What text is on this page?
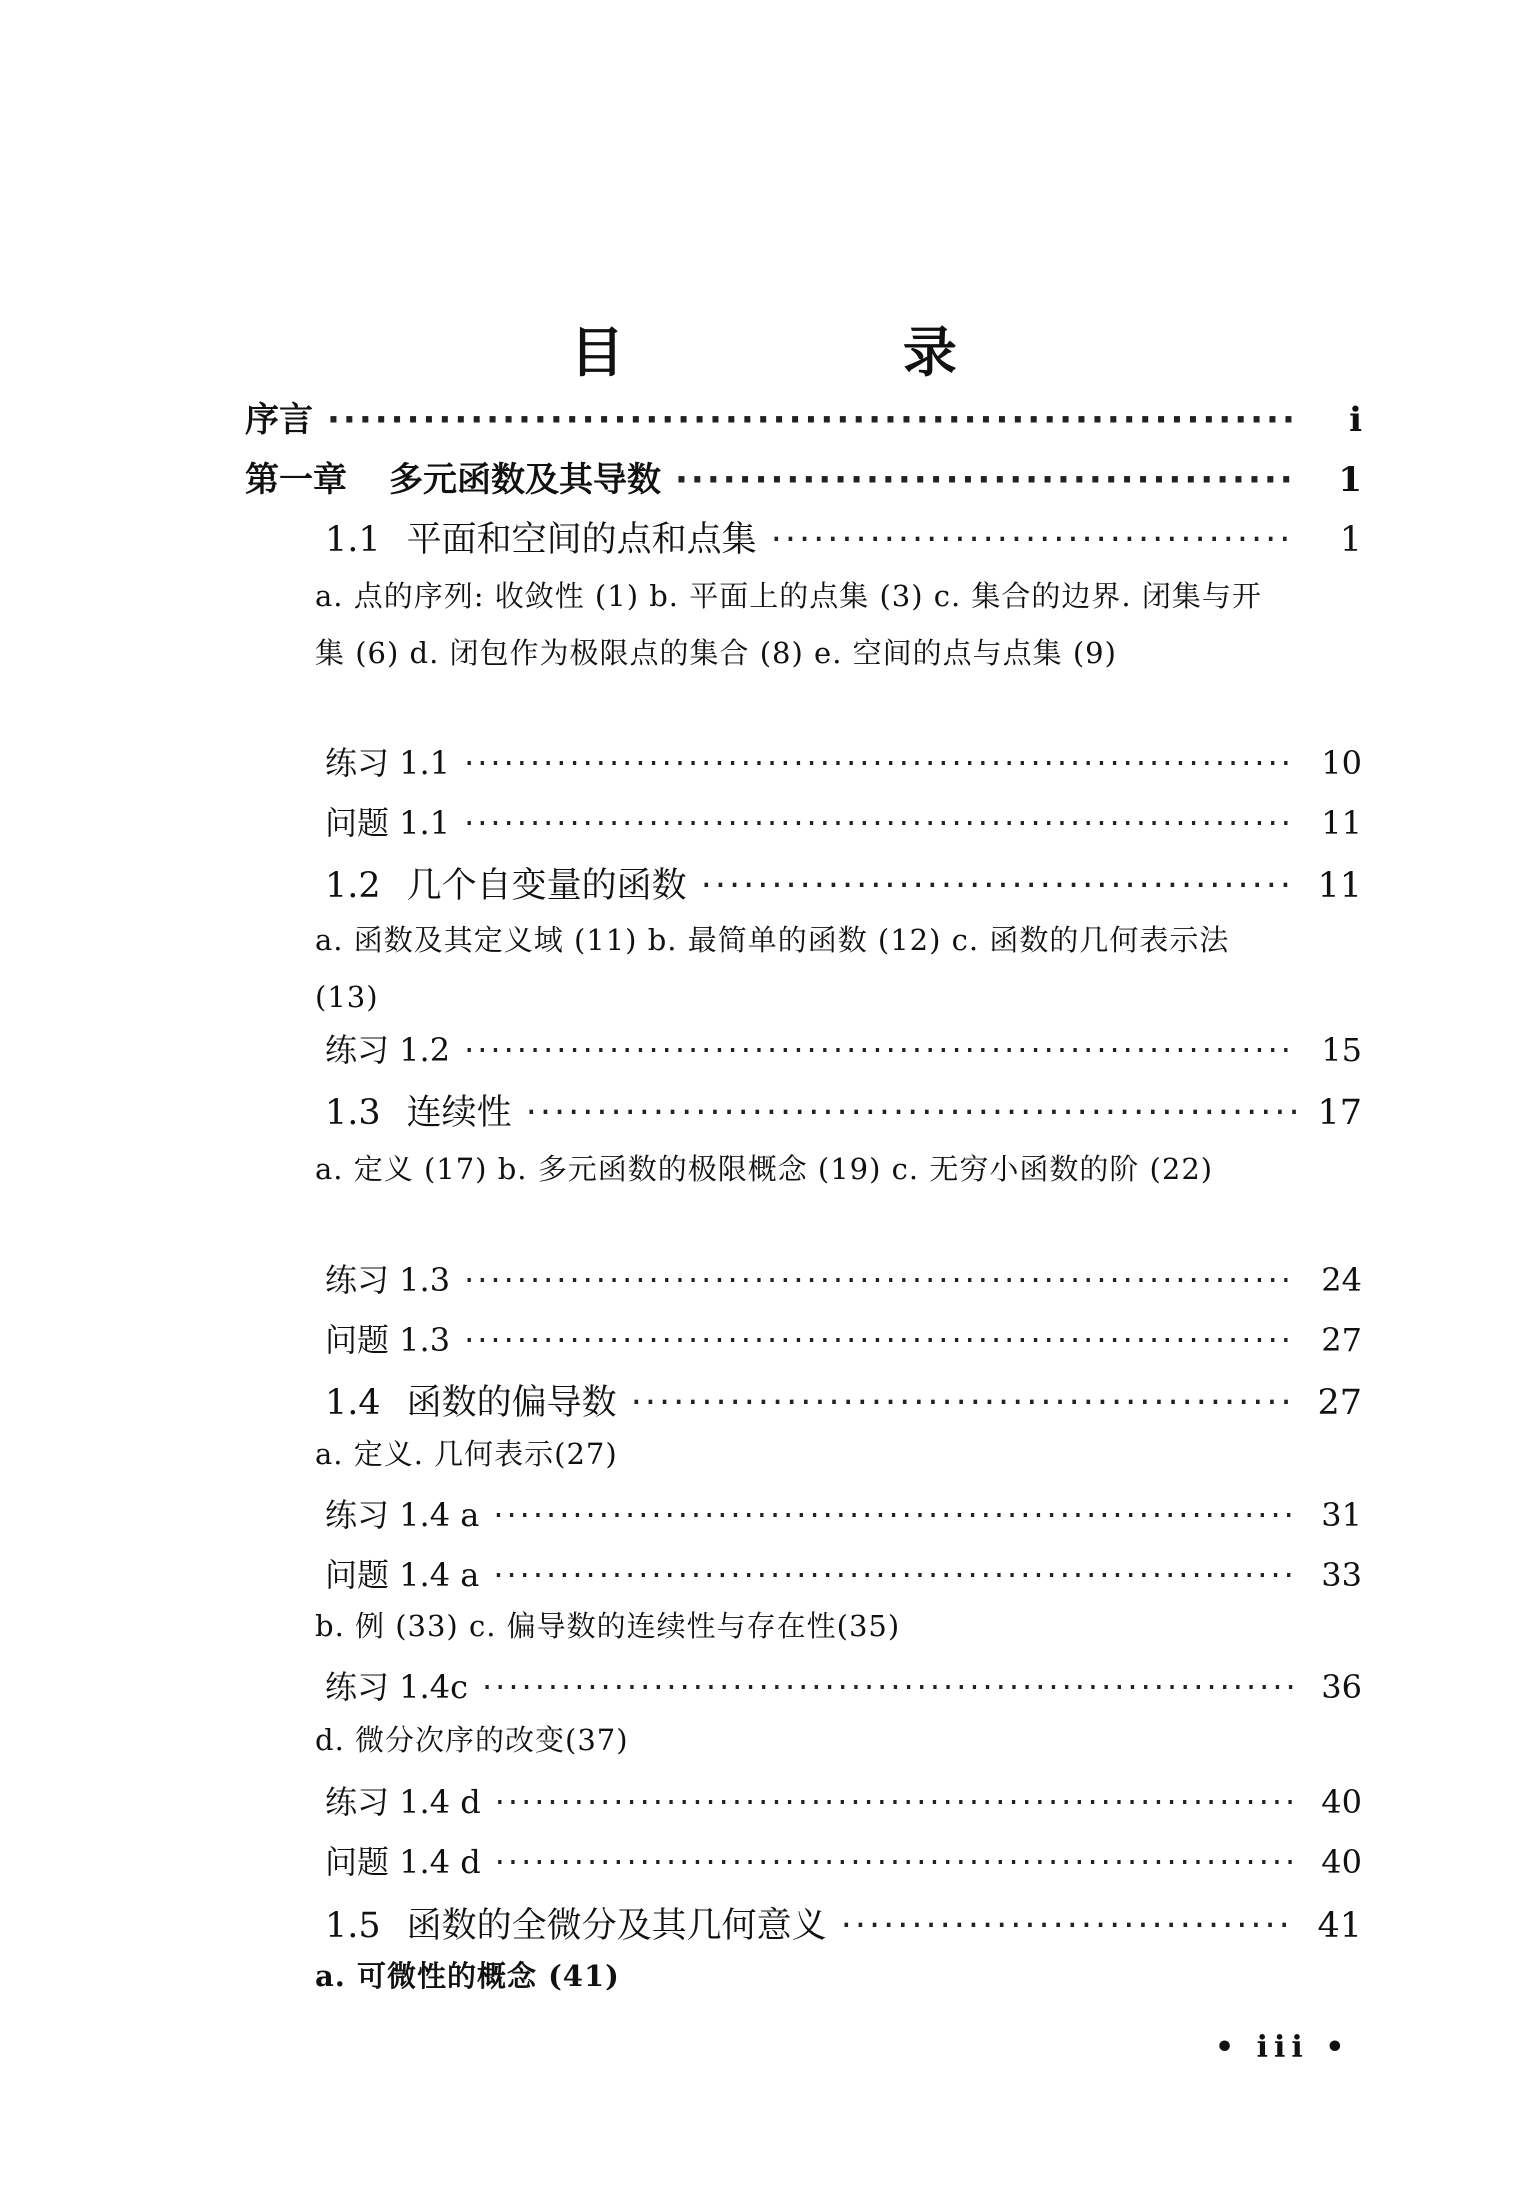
目 录
序言 ·····	i
第一章 多元函数及其导数 ·····	1
1.1 平面和空间的点和点集 ·····	1
a. 点的序列: 收敛性 (1) b. 平面上的点集 (3) c. 集合的边界. 闭集与开集 (6) d. 闭包作为极限点的集合 (8) e. 空间的点与点集 (9)
练习 1.1 ·····	10
问题 1.1 ·····	11
1.2 几个自变量的函数 ·····	11
a. 函数及其定义域 (11) b. 最简单的函数 (12) c. 函数的几何表示法 (13)
练习 1.2 ·····	15
1.3 连续性 ·····	17
a. 定义 (17) b. 多元函数的极限概念 (19) c. 无穷小函数的阶 (22)
练习 1.3 ·····	24
问题 1.3 ·····	27
1.4 函数的偏导数 ·····	27
a. 定义. 几何表示(27)
练习 1.4 a ·····	31
问题 1.4 a ·····	33
b. 例 (33) c. 偏导数的连续性与存在性(35)
练习 1.4c ·····	36
d. 微分次序的改变(37)
练习 1.4 d ·····	40
问题 1.4 d ·····	40
1.5 函数的全微分及其几何意义 ·····	41
a. 可微性的概念 (41)
• iii •
